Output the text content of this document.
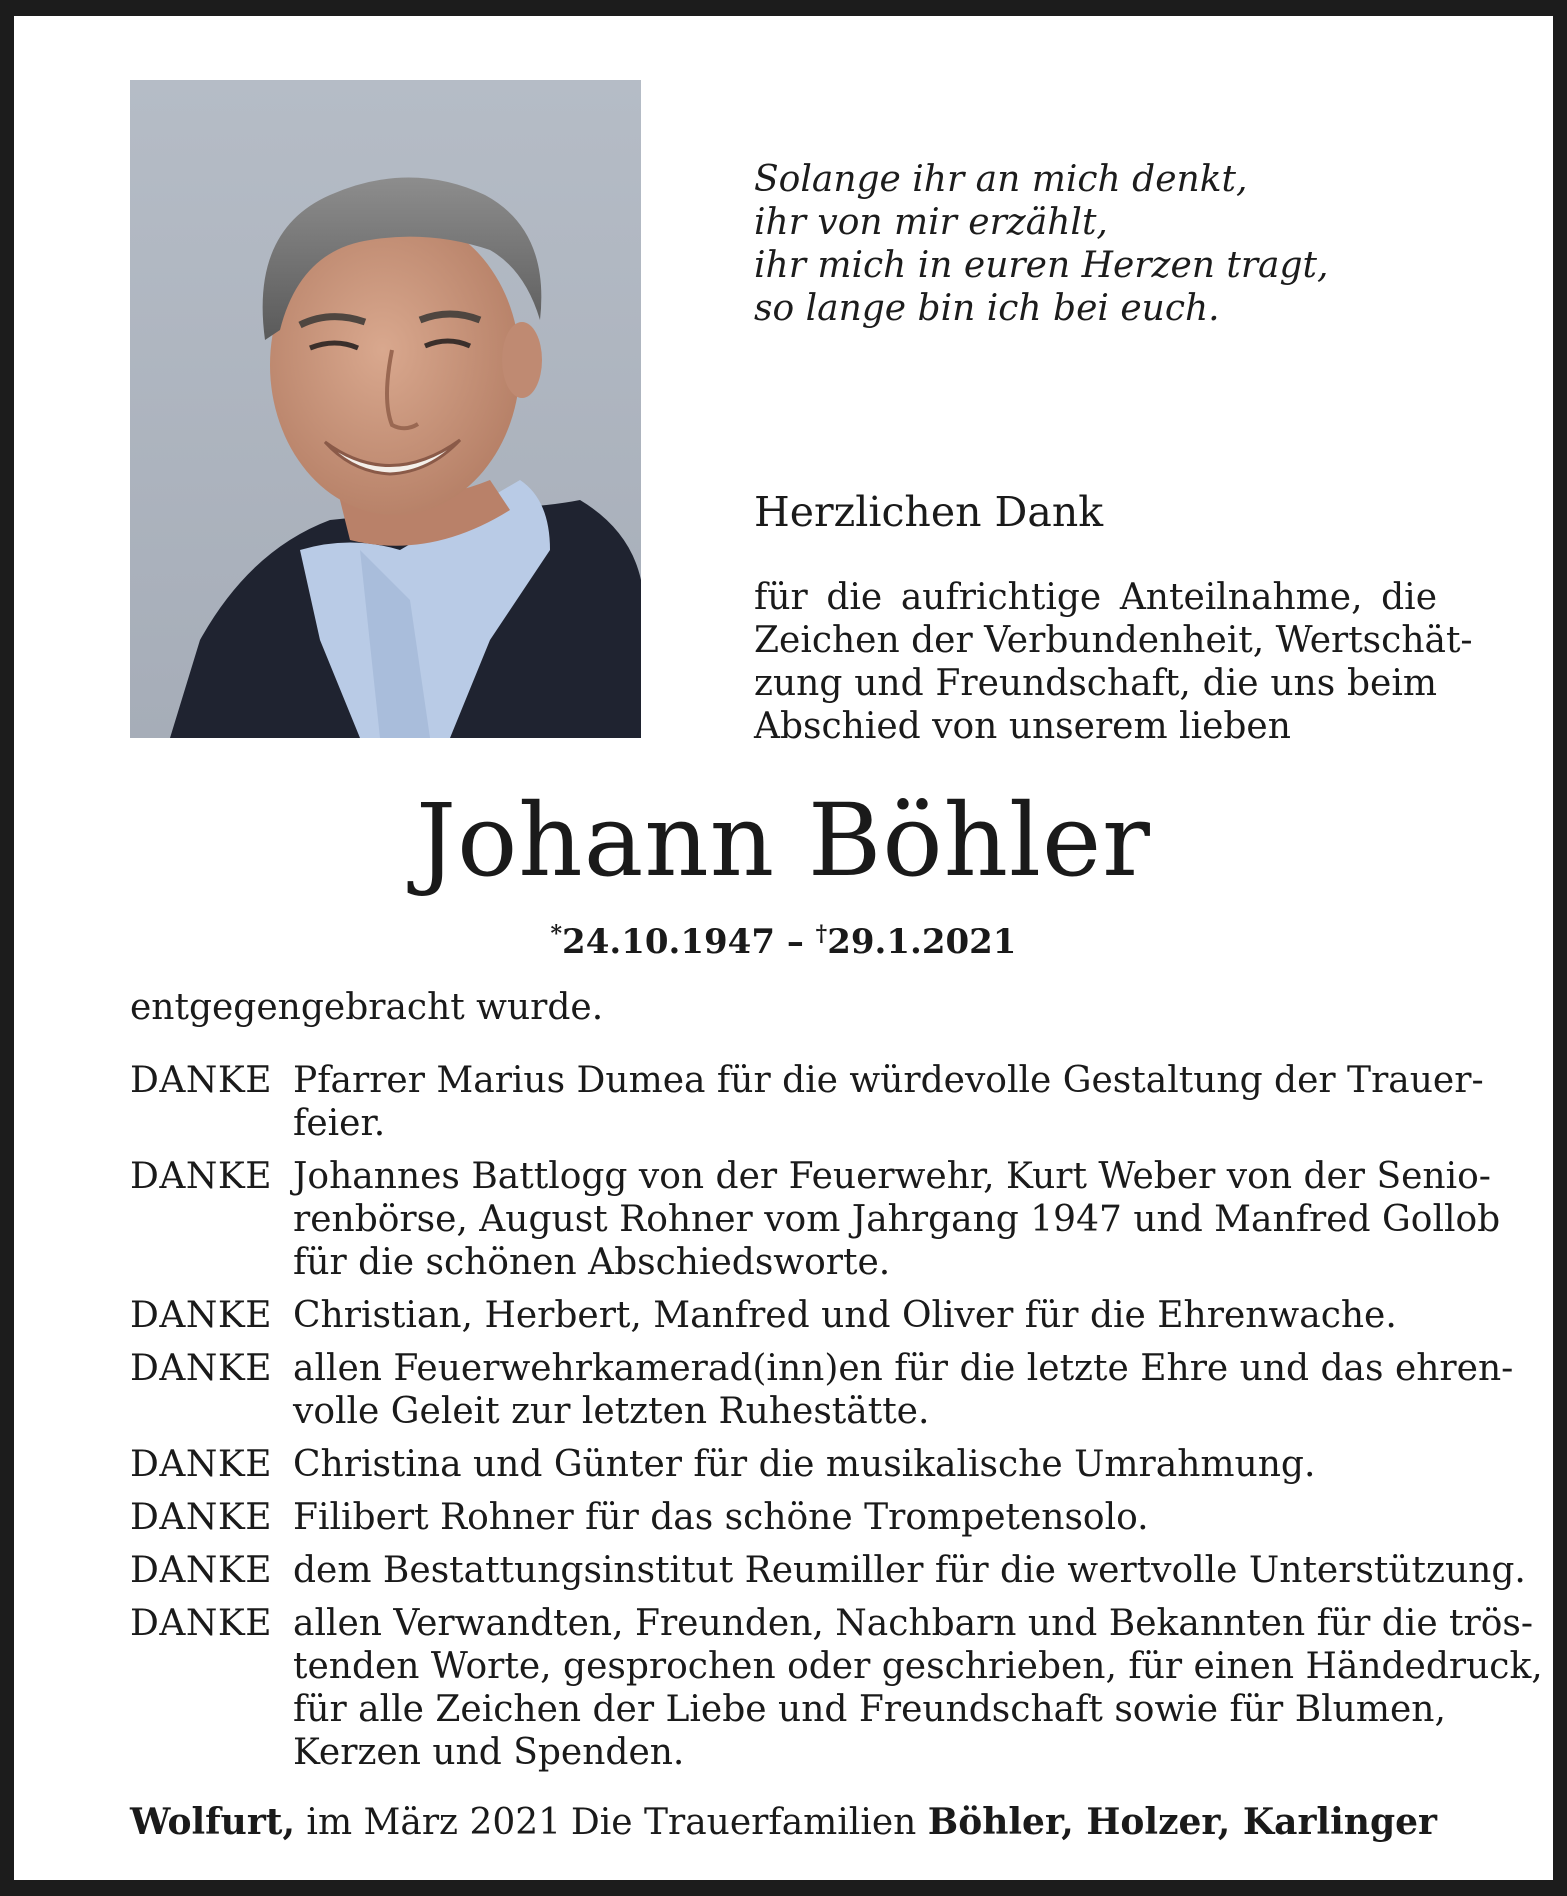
Solange ihr an mich denkt,
ihr von mir erzählt,
ihr mich in euren Herzen tragt,
so lange bin ich bei euch.
Herzlichen Dank
für die aufrichtige Anteilnahme, die
Zeichen der Verbundenheit, Wertschät-
zung und Freundschaft, die uns beim
Abschied von unserem lieben
Johann Böhler
*24.10.1947 – †29.1.2021
entgegengebracht wurde.
DANKE Pfarrer Marius Dumea für die würdevolle Gestaltung der Trauer-
feier.
DANKE Johannes Battlogg von der Feuerwehr, Kurt Weber von der Senio-
renbörse, August Rohner vom Jahrgang 1947 und Manfred Gollob
für die schönen Abschiedsworte.
DANKE Christian, Herbert, Manfred und Oliver für die Ehrenwache.
DANKE allen Feuerwehrkamerad(inn)en für die letzte Ehre und das ehren-
volle Geleit zur letzten Ruhestätte.
DANKE Christina und Günter für die musikalische Umrahmung.
DANKE Filibert Rohner für das schöne Trompetensolo.
DANKE dem Bestattungsinstitut Reumiller für die wertvolle Unterstützung.
DANKE allen Verwandten, Freunden, Nachbarn und Bekannten für die trös-
tenden Worte, gesprochen oder geschrieben, für einen Händedruck,
für alle Zeichen der Liebe und Freundschaft sowie für Blumen,
Kerzen und Spenden.
Wolfurt, im März 2021 Die Trauerfamilien Böhler, Holzer, Karlinger
